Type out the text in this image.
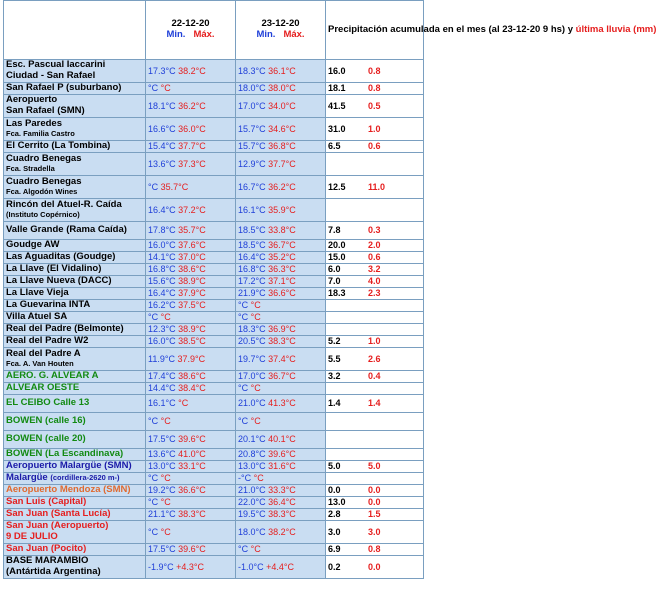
	22-12-20
Min. Máx.	23-12-20
Min. Máx.	Precipitación acumulada en el mes (al 23-12-20 9 hs) y última lluvia (mm)
Esc. Pascual Iaccarini
Ciudad - San Rafael	17.3°C 38.2°C	18.3°C 36.1°C	16.0 0.8
San Rafael P (suburbano)	°C °C	18.0°C 38.0°C	18.1 0.8
Aeropuerto
San Rafael (SMN)	18.1°C 36.2°C	17.0°C 34.0°C	41.5 0.5
Las Paredes
Fca. Familia Castro	16.6°C 36.0°C	15.7°C 34.6°C	31.0 1.0
El Cerrito (La Tombina)	15.4°C 37.7°C	15.7°C 36.8°C	6.5 0.6
Cuadro Benegas
Fca. Stradella	13.6°C 37.3°C	12.9°C 37.7°C	
Cuadro Benegas
Fca. Algodón Wines	°C 35.7°C	16.7°C 36.2°C	12.5 11.0
Rincón del Atuel-R. Caída
(Instituto Copérnico)	16.4°C 37.2°C	16.1°C 35.9°C	
Valle Grande (Rama Caída)	17.8°C 35.7°C	18.5°C 33.8°C	7.8 0.3
Goudge AW	16.0°C 37.6°C	18.5°C 36.7°C	20.0 2.0
Las Aguaditas (Goudge)	14.1°C 37.0°C	16.4°C 35.2°C	15.0 0.6
La Llave (El Vidalino)	16.8°C 38.6°C	16.8°C 36.3°C	6.0 3.2
La Llave Nueva (DACC)	15.6°C 38.9°C	17.2°C 37.1°C	7.0 4.0
La Llave Vieja	16.4°C 37.9°C	21.9°C 36.6°C	18.3 2.3
La Guevarina INTA	16.2°C 37.5°C	°C °C	
Villa Atuel SA	°C °C	°C °C	
Real del Padre (Belmonte)	12.3°C 38.9°C	18.3°C 36.9°C	
Real del Padre W2	16.0°C 38.5°C	20.5°C 38.3°C	5.2 1.0
Real del Padre A
Fca. A. Van Houten	11.9°C 37.9°C	19.7°C 37.4°C	5.5 2.6
AERO. G. ALVEAR A	17.4°C 38.6°C	17.0°C 36.7°C	3.2 0.4
ALVEAR OESTE	14.4°C 38.4°C	°C °C	
EL CEIBO Calle 13	16.1°C °C	21.0°C 41.3°C	1.4 1.4
BOWEN (calle 16)	°C °C	°C °C	
BOWEN (calle 20)	17.5°C 39.6°C	20.1°C 40.1°C	
BOWEN (La Escandinava)	13.6°C 41.0°C	20.8°C 39.6°C	
Aeropuerto Malargüe (SMN)	13.0°C 33.1°C	13.0°C 31.6°C	5.0 5.0
Malargüe (cordillera-2620 m-)	°C °C	-°C °C	
Aeropuerto Mendoza (SMN)	19.2°C 36.6°C	21.0°C 33.3°C	0.0 0.0
San Luis (Capital)	°C °C	22.0°C 36.4°C	13.0 0.0
San Juan (Santa Lucía)	21.1°C 38.3°C	19.5°C 38.3°C	2.8 1.5
San Juan (Aeropuerto)
9 DE JULIO	°C °C	18.0°C 38.2°C	3.0 3.0
San Juan (Pocito)	17.5°C 39.6°C	°C °C	6.9 0.8
BASE MARAMBIO
(Antártida Argentina)	-1.9°C +4.3°C	-1.0°C +4.4°C	0.2 0.0
